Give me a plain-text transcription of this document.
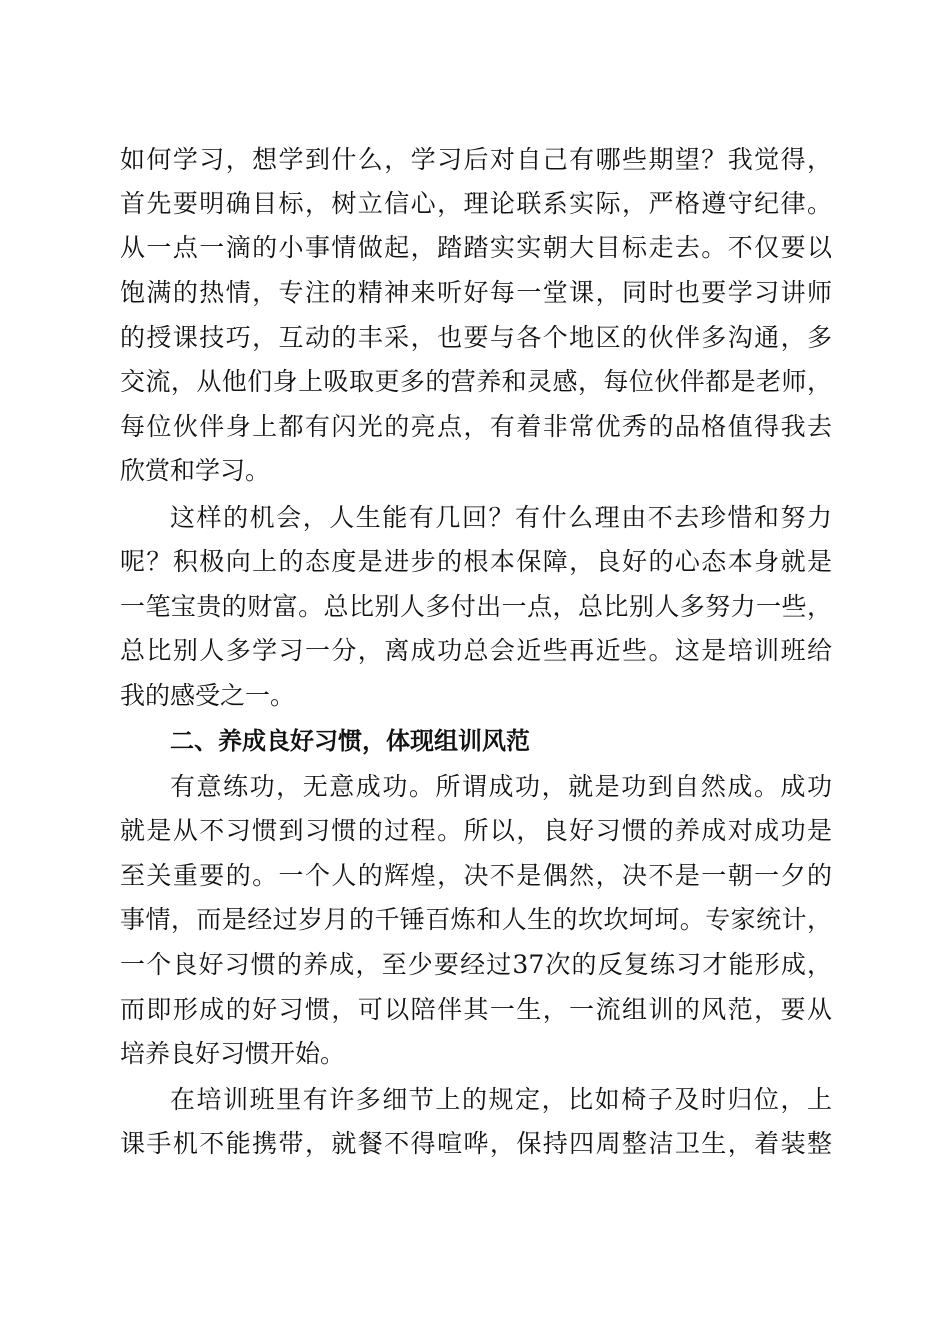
如何学习，想学到什么，学习后对自己有哪些期望？我觉得，
首先要明确目标，树立信心，理论联系实际，严格遵守纪律。
从一点一滴的小事情做起，踏踏实实朝大目标走去。不仅要以
饱满的热情，专注的精神来听好每一堂课，同时也要学习讲师
的授课技巧，互动的丰采，也要与各个地区的伙伴多沟通，多
交流，从他们身上吸取更多的营养和灵感，每位伙伴都是老师，
每位伙伴身上都有闪光的亮点，有着非常优秀的品格值得我去
欣赏和学习。
这样的机会，人生能有几回？有什么理由不去珍惜和努力
呢？积极向上的态度是进步的根本保障，良好的心态本身就是
一笔宝贵的财富。总比别人多付出一点，总比别人多努力一些，
总比别人多学习一分，离成功总会近些再近些。这是培训班给
我的感受之一。
二、养成良好习惯，体现组训风范
有意练功，无意成功。所谓成功，就是功到自然成。成功
就是从不习惯到习惯的过程。所以，良好习惯的养成对成功是
至关重要的。一个人的辉煌，决不是偶然，决不是一朝一夕的
事情，而是经过岁月的千锤百炼和人生的坎坎坷坷。专家统计，
一个良好习惯的养成，至少要经过37次的反复练习才能形成，
而即形成的好习惯，可以陪伴其一生，一流组训的风范，要从
培养良好习惯开始。
在培训班里有许多细节上的规定，比如椅子及时归位，上
课手机不能携带，就餐不得喧哗，保持四周整洁卫生，着装整
